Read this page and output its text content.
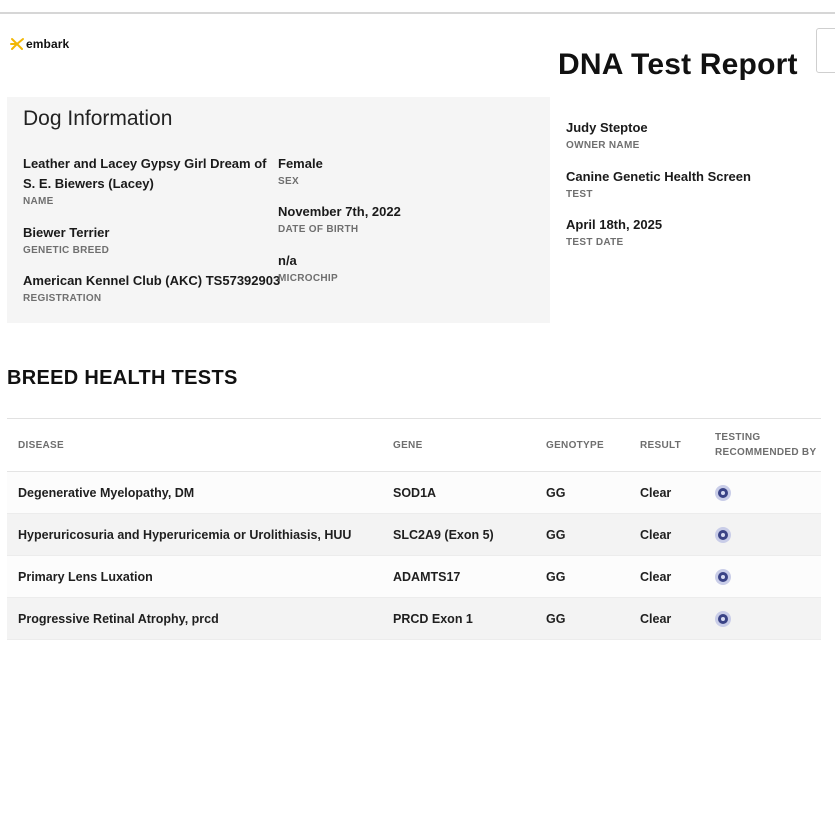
embark
DNA Test Report
Dog Information
Leather and Lacey Gypsy Girl Dream of S. E. Biewers (Lacey)
NAME
Biewer Terrier
GENETIC BREED
American Kennel Club (AKC) TS57392903
REGISTRATION
Female
SEX
November 7th, 2022
DATE OF BIRTH
n/a
MICROCHIP
Judy Steptoe
OWNER NAME
Canine Genetic Health Screen
TEST
April 18th, 2025
TEST DATE
BREED HEALTH TESTS
DISEASE	GENE	GENOTYPE	RESULT
TESTING
RECOMMENDED BY
Degenerative Myelopathy, DM	SOD1A	GG	Clear
Hyperuricosuria and Hyperuricemia or Urolithiasis, HUU	SLC2A9 (Exon 5)	GG	Clear
Primary Lens Luxation	ADAMTS17	GG	Clear
Progressive Retinal Atrophy, prcd	PRCD Exon 1	GG	Clear
